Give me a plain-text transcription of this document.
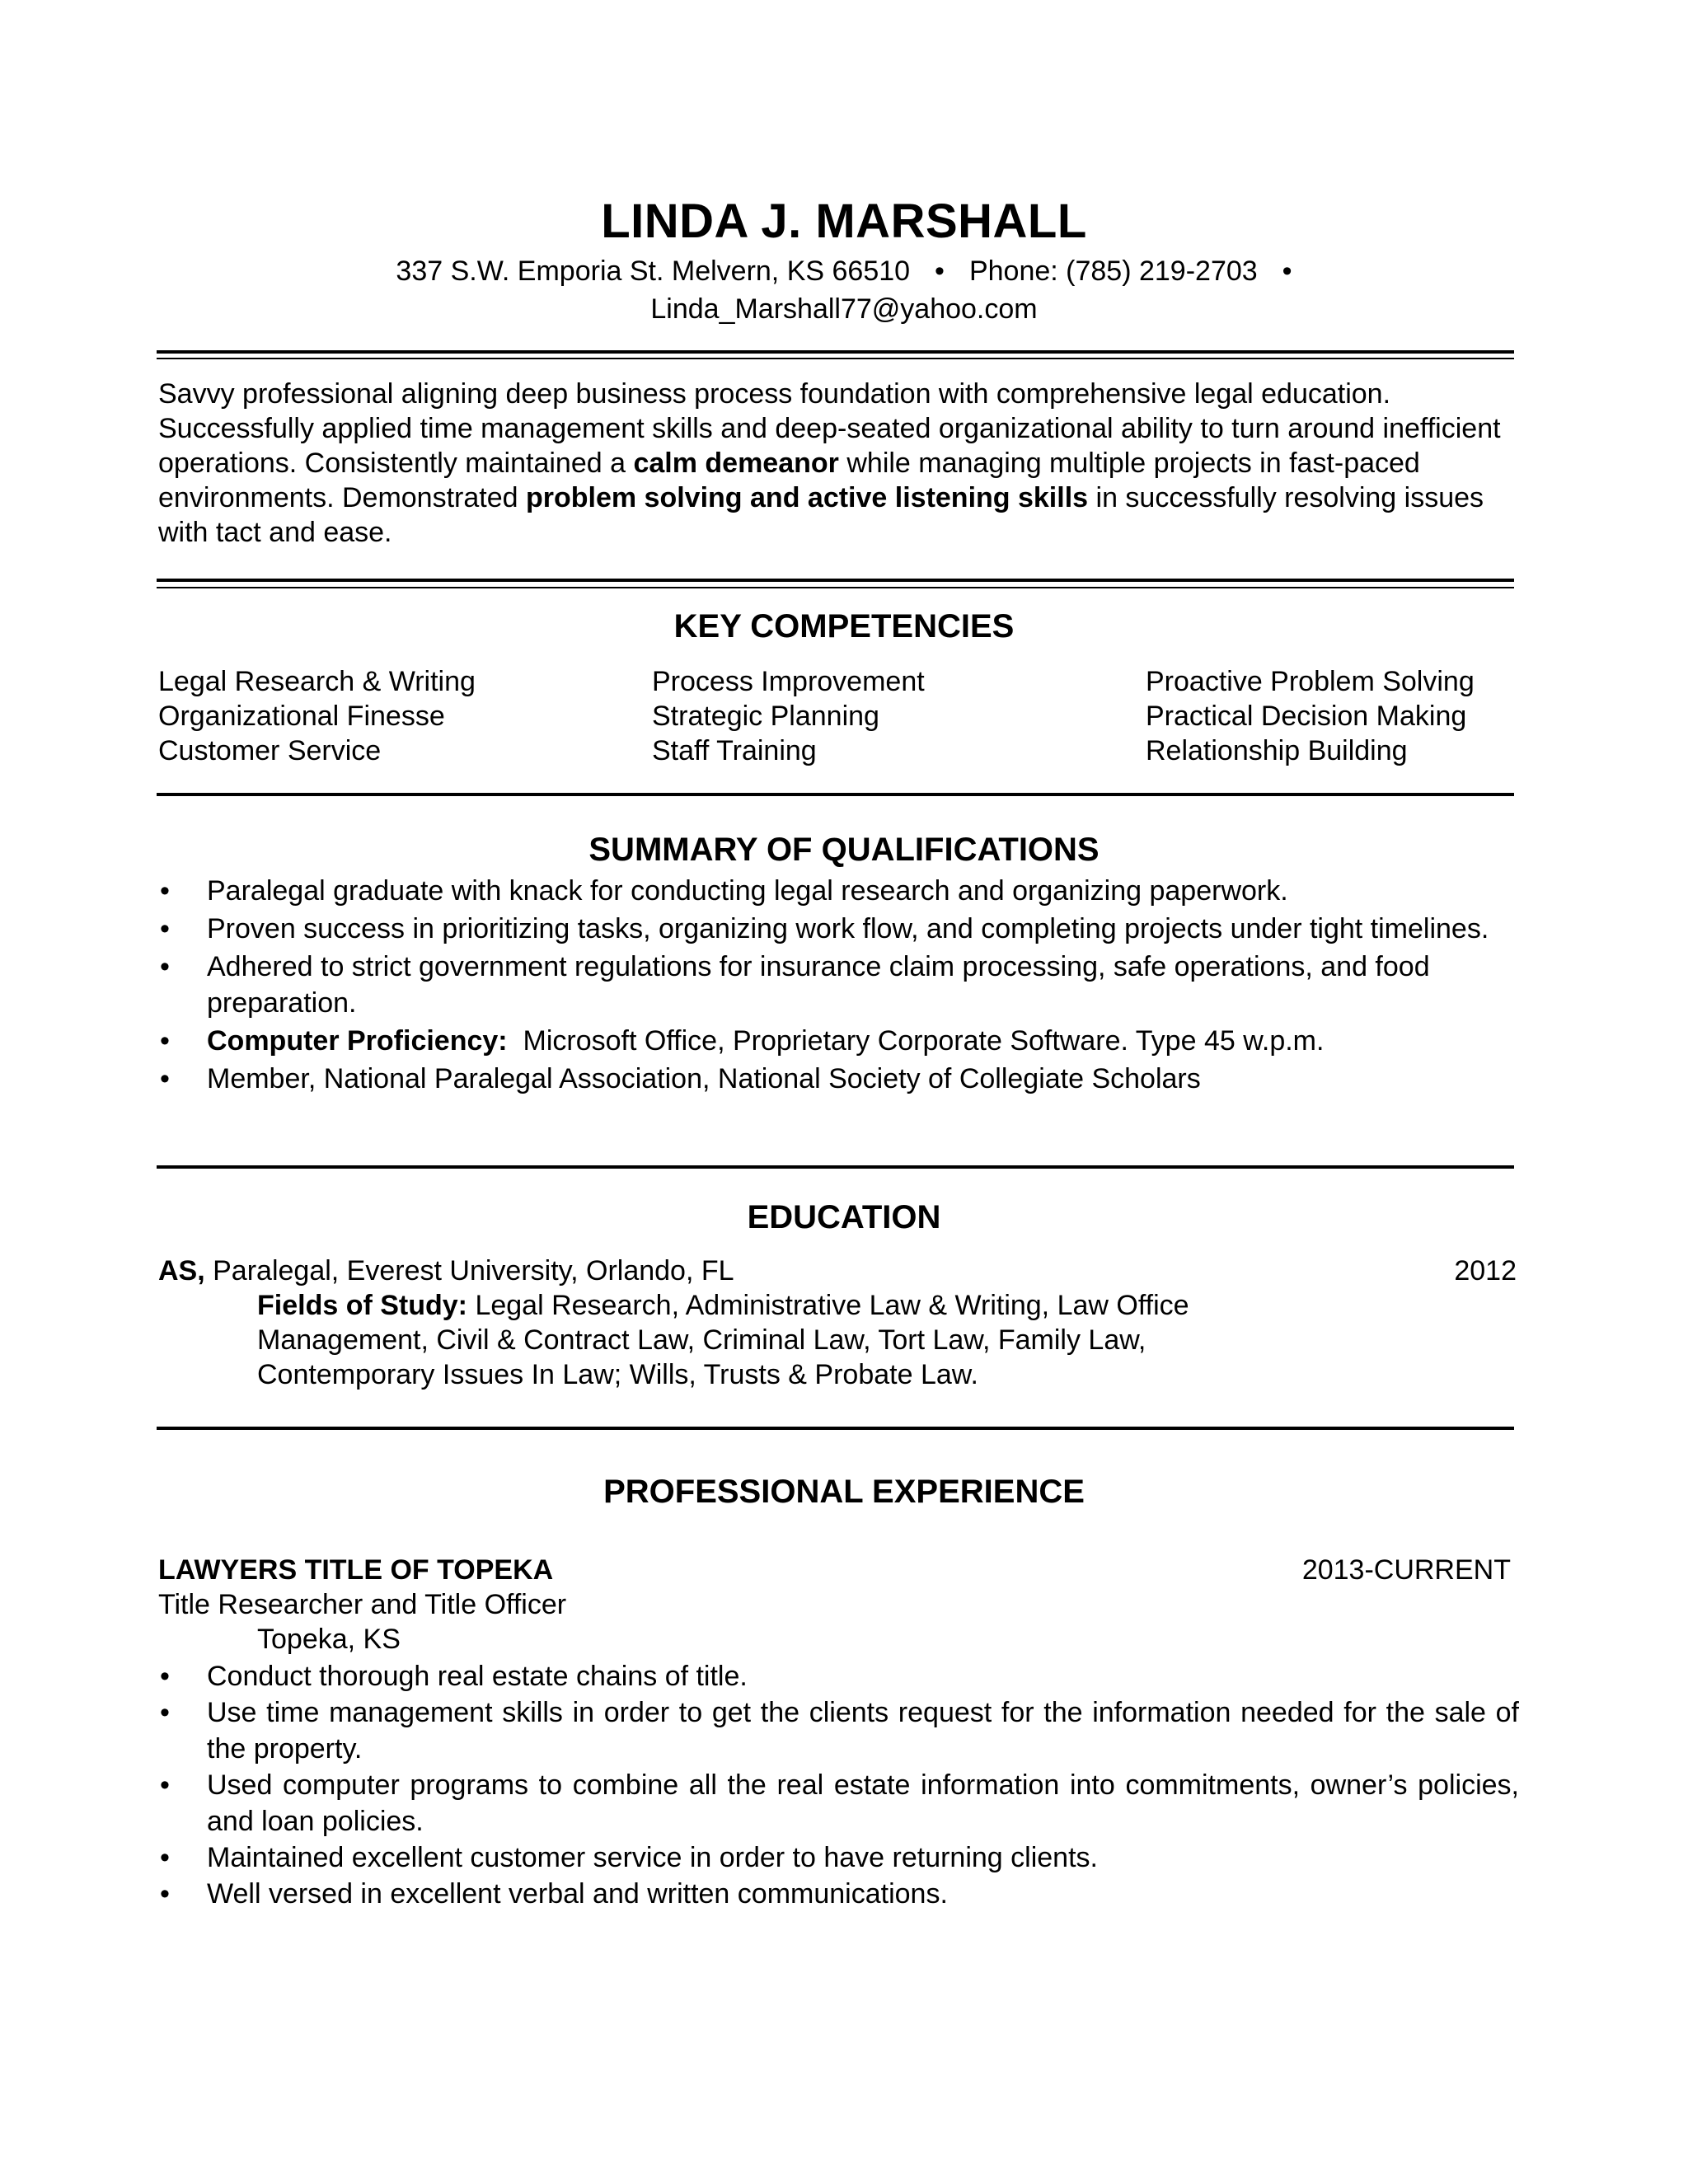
LINDA J. MARSHALL
337 S.W. Emporia St. Melvern, KS 66510 • Phone: (785) 219-2703 •
Linda_Marshall77@yahoo.com
Savvy professional aligning deep business process foundation with comprehensive legal education. Successfully applied time management skills and deep-seated organizational ability to turn around inefficient operations. Consistently maintained a calm demeanor while managing multiple projects in fast-paced environments. Demonstrated problem solving and active listening skills in successfully resolving issues with tact and ease.
KEY COMPETENCIES
Legal Research & Writing
Organizational Finesse
Customer Service
Process Improvement
Strategic Planning
Staff Training
Proactive Problem Solving
Practical Decision Making
Relationship Building
SUMMARY OF QUALIFICATIONS
• Paralegal graduate with knack for conducting legal research and organizing paperwork.
• Proven success in prioritizing tasks, organizing work flow, and completing projects under tight timelines.
• Adhered to strict government regulations for insurance claim processing, safe operations, and food preparation.
• Computer Proficiency: Microsoft Office, Proprietary Corporate Software. Type 45 w.p.m.
• Member, National Paralegal Association, National Society of Collegiate Scholars
EDUCATION
AS, Paralegal, Everest University, Orlando, FL	2012
Fields of Study: Legal Research, Administrative Law & Writing, Law Office Management, Civil & Contract Law, Criminal Law, Tort Law, Family Law, Contemporary Issues In Law; Wills, Trusts & Probate Law.
PROFESSIONAL EXPERIENCE
LAWYERS TITLE OF TOPEKA	2013-CURRENT
Title Researcher and Title Officer
Topeka, KS
• Conduct thorough real estate chains of title.
• Use time management skills in order to get the clients request for the information needed for the sale of the property.
• Used computer programs to combine all the real estate information into commitments, owner’s policies, and loan policies.
• Maintained excellent customer service in order to have returning clients.
• Well versed in excellent verbal and written communications.
